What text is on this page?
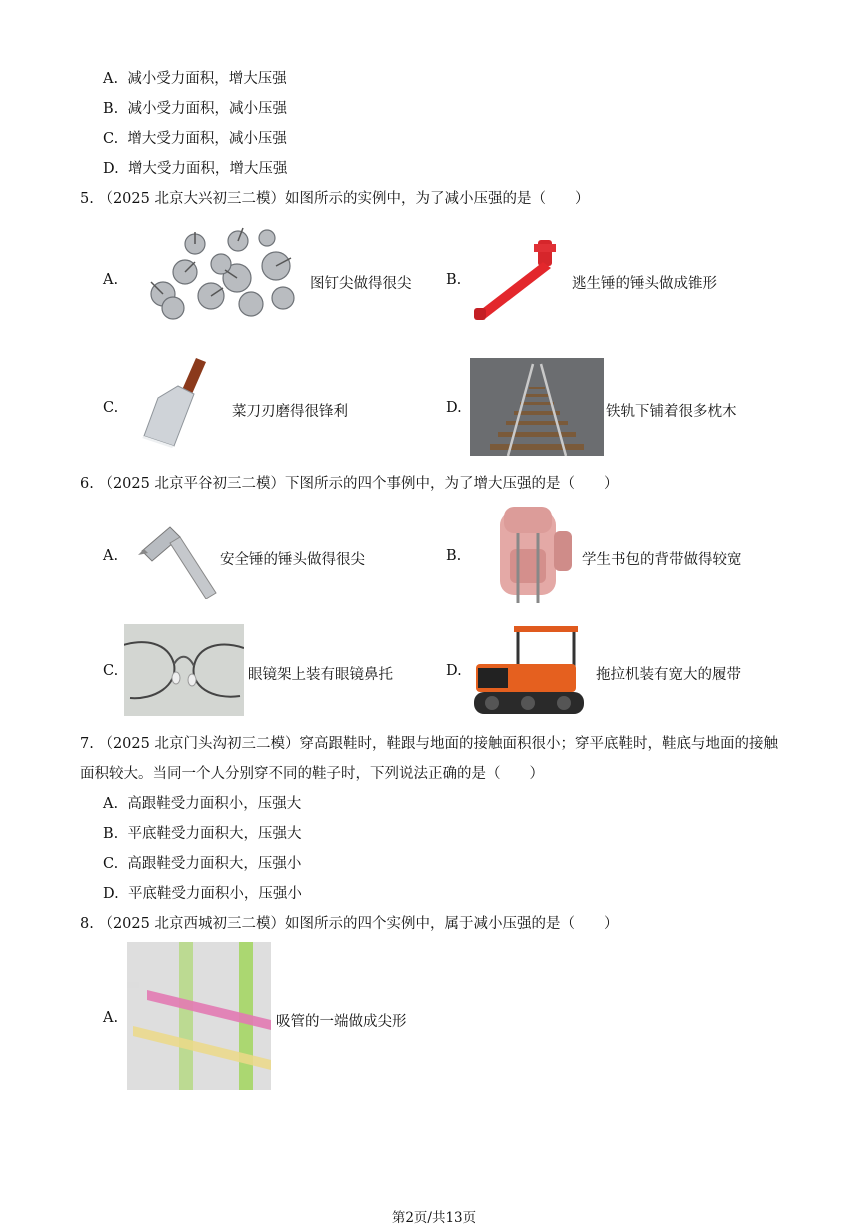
A. 减小受力面积，增大压强
B. 减小受力面积，减小压强
C. 增大受力面积，减小压强
D. 增大受力面积，增大压强
5. （2025 北京大兴初三二模）如图所示的实例中，为了减小压强的是（　　）
A.	图钉尖做得很尖 B.	逃生锤的锤头做成锥形
C.	菜刀刃磨得很锋利	D.	铁轨下铺着很多枕木
6. （2025 北京平谷初三二模）下图所示的四个事例中，为了增大压强的是（　　）
A.	安全锤的锤头做得很尖	B.	学生书包的背带做得较宽
C.	眼镜架上装有眼镜鼻托	D.	拖拉机装有宽大的履带
7. （2025 北京门头沟初三二模）穿高跟鞋时，鞋跟与地面的接触面积很小；穿平底鞋时，鞋底与地面的接触
面积较大。当同一个人分别穿不同的鞋子时，下列说法正确的是（　　）
A. 高跟鞋受力面积小，压强大
B. 平底鞋受力面积大，压强大
C. 高跟鞋受力面积大，压强小
D. 平底鞋受力面积小，压强小
8. （2025 北京西城初三二模）如图所示的四个实例中，属于减小压强的是（　　）
A.	吸管的一端做成尖形
第2页/共13页
